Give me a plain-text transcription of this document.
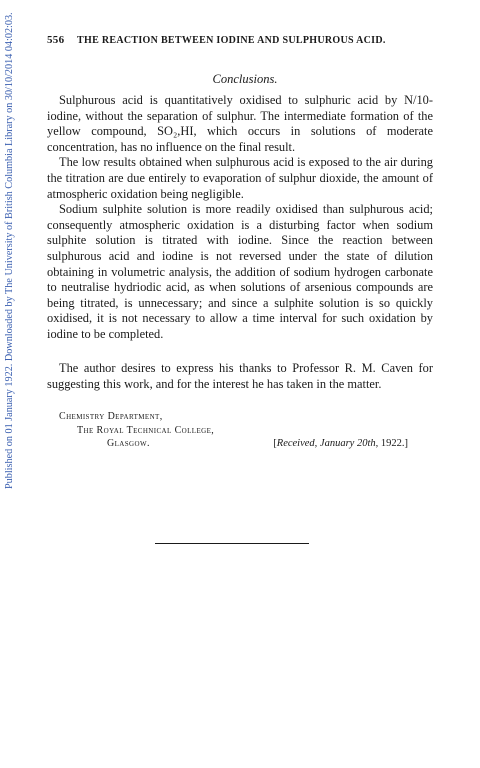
Published on 01 January 1922. Downloaded by The University of British Columbia Library on 30/10/2014 04:02:03.	556 THE REACTION BETWEEN IODINE AND SULPHUROUS ACID.
Conclusions.

Sulphurous acid is quantitatively oxidised to sulphuric acid by N/10-iodine, without the separation of sulphur. The intermediate formation of the yellow compound, SO₂,HI, which occurs in solutions of moderate concentration, has no influence on the final result.

The low results obtained when sulphurous acid is exposed to the air during the titration are due entirely to evaporation of sulphur dioxide, the amount of atmospheric oxidation being negligible.

Sodium sulphite solution is more readily oxidised than sulphurous acid; consequently atmospheric oxidation is a disturbing factor when sodium sulphite solution is titrated with iodine. Since the reaction between sulphurous acid and iodine is not reversed under the state of dilution obtaining in volumetric analysis, the addition of sodium hydrogen carbonate to neutralise hydriodic acid, as when solutions of arsenious compounds are being titrated, is unnecessary; and since a sulphite solution is so quickly oxidised, it is not necessary to allow a time interval for such oxidation by iodine to be completed.

The author desires to express his thanks to Professor R. M. Caven for suggesting this work, and for the interest he has taken in the matter.

Chemistry Department,
The Royal Technical College,
Glasgow.	[Received, January 20th, 1922.]
